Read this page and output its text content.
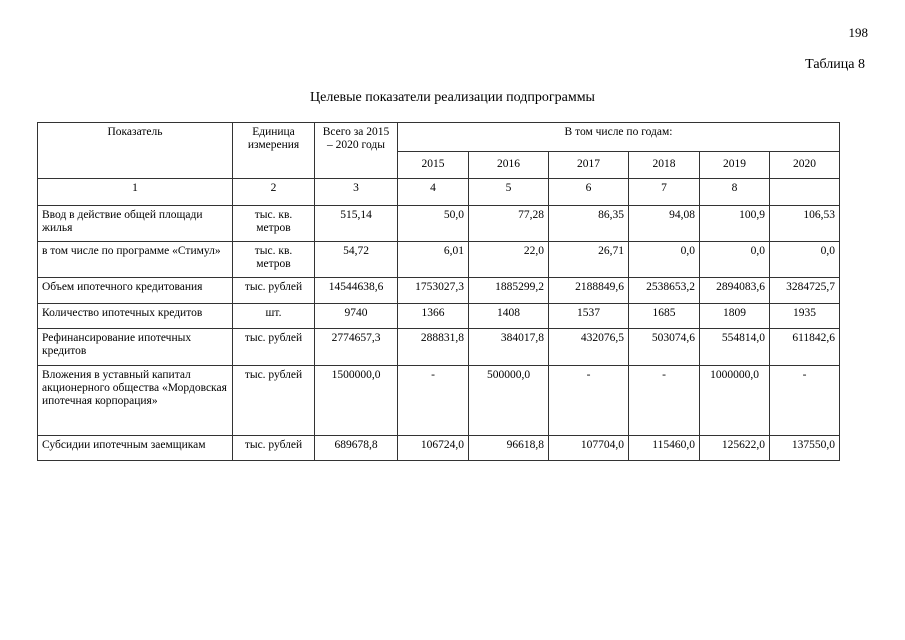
198
Таблица 8
Целевые показатели реализации подпрограммы
Показатель	Единица измерения	Всего за 2015 – 2020 годы	В том числе по годам:					
			2015	2016	2017	2018	2019	2020
1	2	3	4	5	6	7	8	
Ввод в действие общей площади жилья	тыс. кв. метров	515,14	50,0	77,28	86,35	94,08	100,9	106,53
в том числе по программе «Стимул»	тыс. кв. метров	54,72	6,01	22,0	26,71	0,0	0,0	0,0
Объем ипотечного кредитования	тыс. рублей	14544638,6	1753027,3	1885299,2	2188849,6	2538653,2	2894083,6	3284725,7
Количество ипотечных кредитов	шт.	9740	1366	1408	1537	1685	1809	1935
Рефинансирование ипотечных кредитов	тыс. рублей	2774657,3	288831,8	384017,8	432076,5	503074,6	554814,0	611842,6
Вложения в уставный капитал акционерного общества «Мордовская ипотечная корпорация»	тыс. рублей	1500000,0	-	500000,0	-	-	1000000,0	-
Субсидии ипотечным заемщикам	тыс. рублей	689678,8	106724,0	96618,8	107704,0	115460,0	125622,0	137550,0
